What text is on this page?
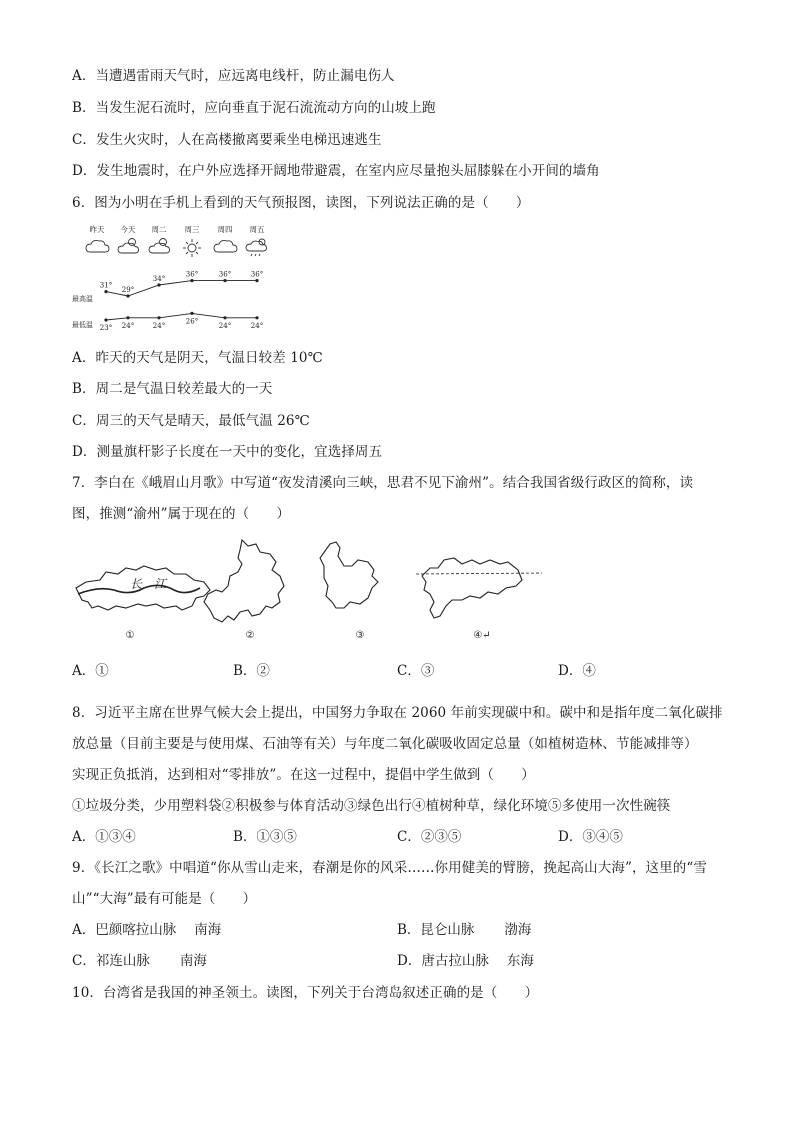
A．当遭遇雷雨天气时，应远离电线杆，防止漏电伤人
B．当发生泥石流时，应向垂直于泥石流流动方向的山坡上跑
C．发生火灾时，人在高楼撤离要乘坐电梯迅速逃生
D．发生地震时，在户外应选择开阔地带避震，在室内应尽量抱头屈膝躲在小开间的墙角
6．图为小明在手机上看到的天气预报图，读图，下列说法正确的是（　　）
昨天 今天 周二 周三 周四 周五
最高温
最低温
31°
29°
34°
36°	36°	36°
23° 24°	24°
26°
24°	24°
A．昨天的天气是阴天，气温日较差 10℃
B．周二是气温日较差最大的一天
C．周三的天气是晴天，最低气温 26℃
D．测量旗杆影子长度在一天中的变化，宜选择周五
7．李白在《峨眉山月歌》中写道“夜发清溪向三峡，思君不见下渝州”。结合我国省级行政区的简称，读
图，推测“渝州”属于现在的（　　）
长　江
①	②	③	④↵
A．①	B．②	C．③	D．④
8．习近平主席在世界气候大会上提出，中国努力争取在 2060 年前实现碳中和。碳中和是指年度二氧化碳排
放总量（目前主要是与使用煤、石油等有关）与年度二氧化碳吸收固定总量（如植树造林、节能减排等）
实现正负抵消，达到相对“零排放”。在这一过程中，提倡中学生做到（　　）
①垃圾分类，少用塑料袋②积极参与体育活动③绿色出行④植树种草，绿化环境⑤多使用一次性碗筷
A．①③④	B．①③⑤	C．②③⑤	D．③④⑤
9．《长江之歌》中唱道“你从雪山走来，春潮是你的风采……你用健美的臂膀，挽起高山大海”，这里的“雪
山”“大海”最有可能是（　　）
A．巴颜喀拉山脉 南海	B．昆仑山脉 渤海
C．祁连山脉 南海	D．唐古拉山脉 东海
10．台湾省是我国的神圣领土。读图，下列关于台湾岛叙述正确的是（　　）
